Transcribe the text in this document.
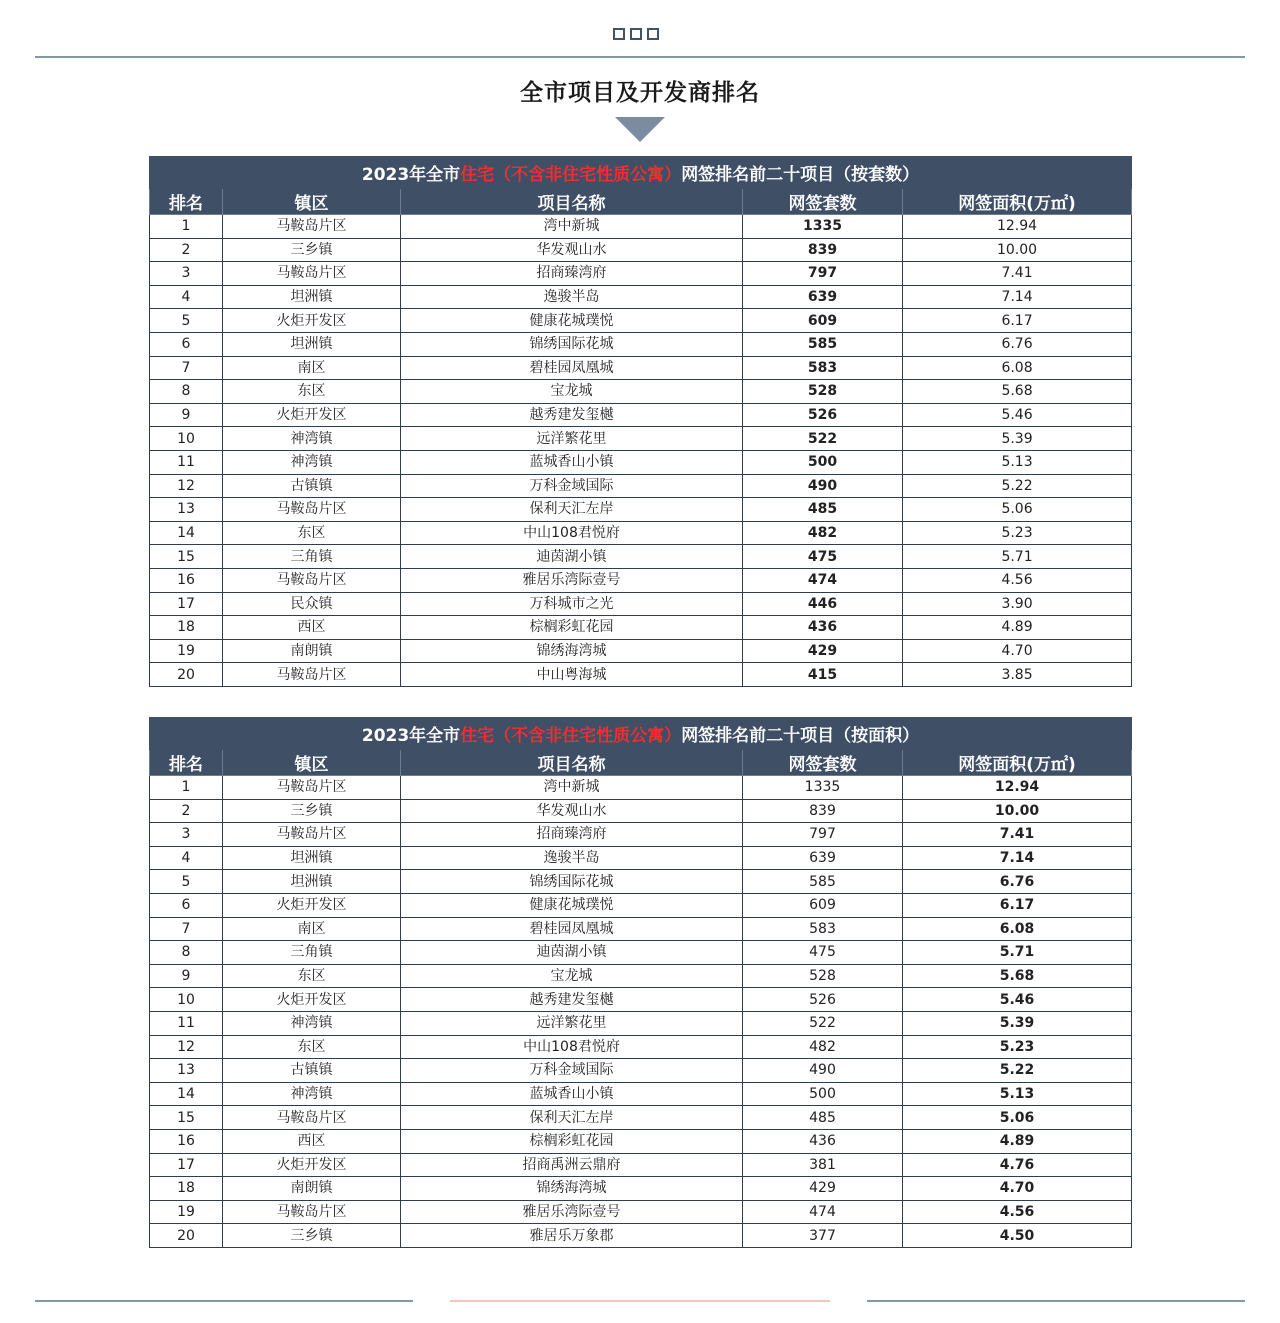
全市项目及开发商排名
2023年全市住宅（不含非住宅性质公寓）网签排名前二十项目（按套数）				
排名	镇区	项目名称	网签套数	网签面积(万㎡)
1	马鞍岛片区	湾中新城	1335	12.94
2	三乡镇	华发观山水	839	10.00
3	马鞍岛片区	招商臻湾府	797	7.41
4	坦洲镇	逸骏半岛	639	7.14
5	火炬开发区	健康花城璞悦	609	6.17
6	坦洲镇	锦绣国际花城	585	6.76
7	南区	碧桂园凤凰城	583	6.08
8	东区	宝龙城	528	5.68
9	火炬开发区	越秀建发玺樾	526	5.46
10	神湾镇	远洋繁花里	522	5.39
11	神湾镇	蓝城香山小镇	500	5.13
12	古镇镇	万科金域国际	490	5.22
13	马鞍岛片区	保利天汇左岸	485	5.06
14	东区	中山108君悦府	482	5.23
15	三角镇	迪茵湖小镇	475	5.71
16	马鞍岛片区	雅居乐湾际壹号	474	4.56
17	民众镇	万科城市之光	446	3.90
18	西区	棕榈彩虹花园	436	4.89
19	南朗镇	锦绣海湾城	429	4.70
20	马鞍岛片区	中山粤海城	415	3.85
2023年全市住宅（不含非住宅性质公寓）网签排名前二十项目（按面积）				
排名	镇区	项目名称	网签套数	网签面积(万㎡)
1	马鞍岛片区	湾中新城	1335	12.94
2	三乡镇	华发观山水	839	10.00
3	马鞍岛片区	招商臻湾府	797	7.41
4	坦洲镇	逸骏半岛	639	7.14
5	坦洲镇	锦绣国际花城	585	6.76
6	火炬开发区	健康花城璞悦	609	6.17
7	南区	碧桂园凤凰城	583	6.08
8	三角镇	迪茵湖小镇	475	5.71
9	东区	宝龙城	528	5.68
10	火炬开发区	越秀建发玺樾	526	5.46
11	神湾镇	远洋繁花里	522	5.39
12	东区	中山108君悦府	482	5.23
13	古镇镇	万科金域国际	490	5.22
14	神湾镇	蓝城香山小镇	500	5.13
15	马鞍岛片区	保利天汇左岸	485	5.06
16	西区	棕榈彩虹花园	436	4.89
17	火炬开发区	招商禹洲云鼎府	381	4.76
18	南朗镇	锦绣海湾城	429	4.70
19	马鞍岛片区	雅居乐湾际壹号	474	4.56
20	三乡镇	雅居乐万象郡	377	4.50
